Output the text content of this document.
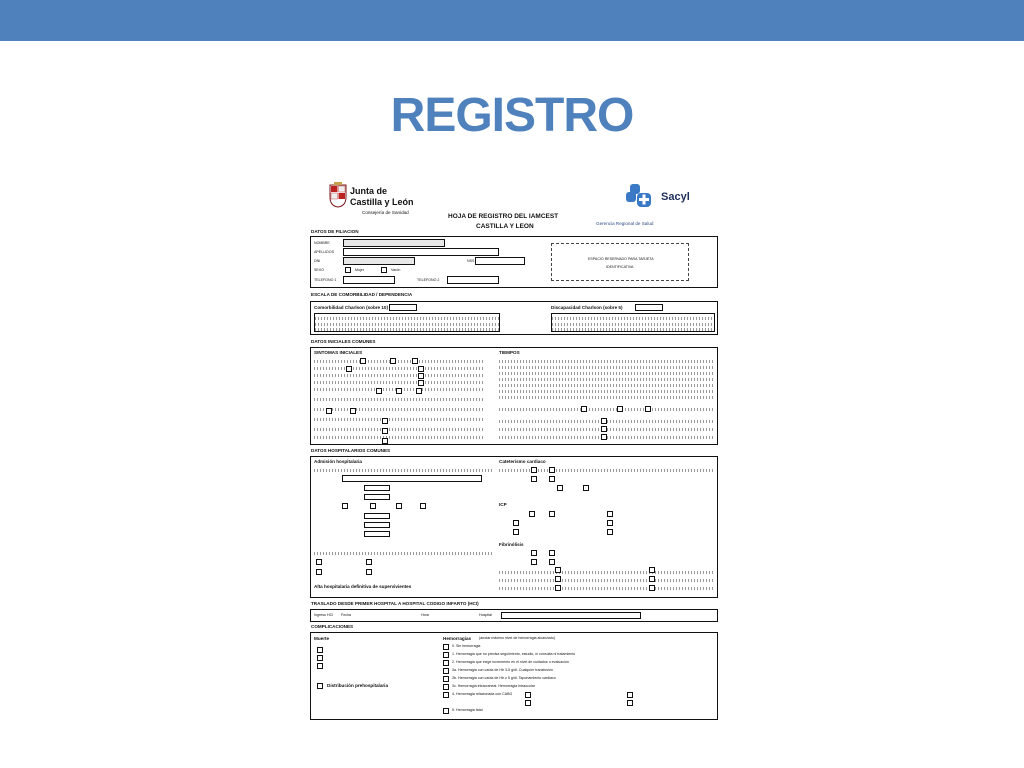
REGISTRO
Junta de
Castilla y León
Consejería de Sanidad
Sacyl
Gerencia Regional de Salud
HOJA DE REGISTRO DEL IAMCEST
CASTILLA Y LEON
DATOS DE FILIACION
NOMBRE
APELLIDOS
DNI	NSS
SEXO	Mujer	Varón
TELEFONO 1	TELEFONO 2
ESPACIO RESERVADO PARA TARJETA
IDENTIFICATIVA
ESCALA DE COMORBILIDAD / DEPENDENCIA
Comorbilidad Charlson (sobre 10)	Discapacidad Charlson (sobre 5)
DATOS INICIALES COMUNES
SINTOMAS INICIALES	TIEMPOS
DATOS HOSPITALARIOS COMUNES
Admisión hospitalaria	Cateterismo cardiaco
Alta hospitalaria definitiva de supervivientes
ICP
Fibrinólisis
TRASLADO DESDE PRIMER HOSPITAL A HOSPITAL CODIGO INFARTO (HCI)
Ingreso HCI Fecha	Hora	Hospital
COMPLICACIONES
Muerte
Distribución prehospitalaria
Hemorragias (anotar máximo nivel de hemorragia alcanzado)
0. Sin hemorragia
1. Hemorragia que no precisa seguimiento, estudio, ni consulta ni tratamiento
2. Hemorragia que exige incremento en el nivel de cuidados o evaluación
3a. Hemorragia con caída de Hb 3-5 g/dl. Cualquier transfusión
3b. Hemorragia con caída de Hb ≥ 5 g/dl. Taponamiento cardiaco
3c. Hemorragia intracraneal. Hemorragia intraocular
4. Hemorragia relacionada con CABG
5. Hemorragia fatal
